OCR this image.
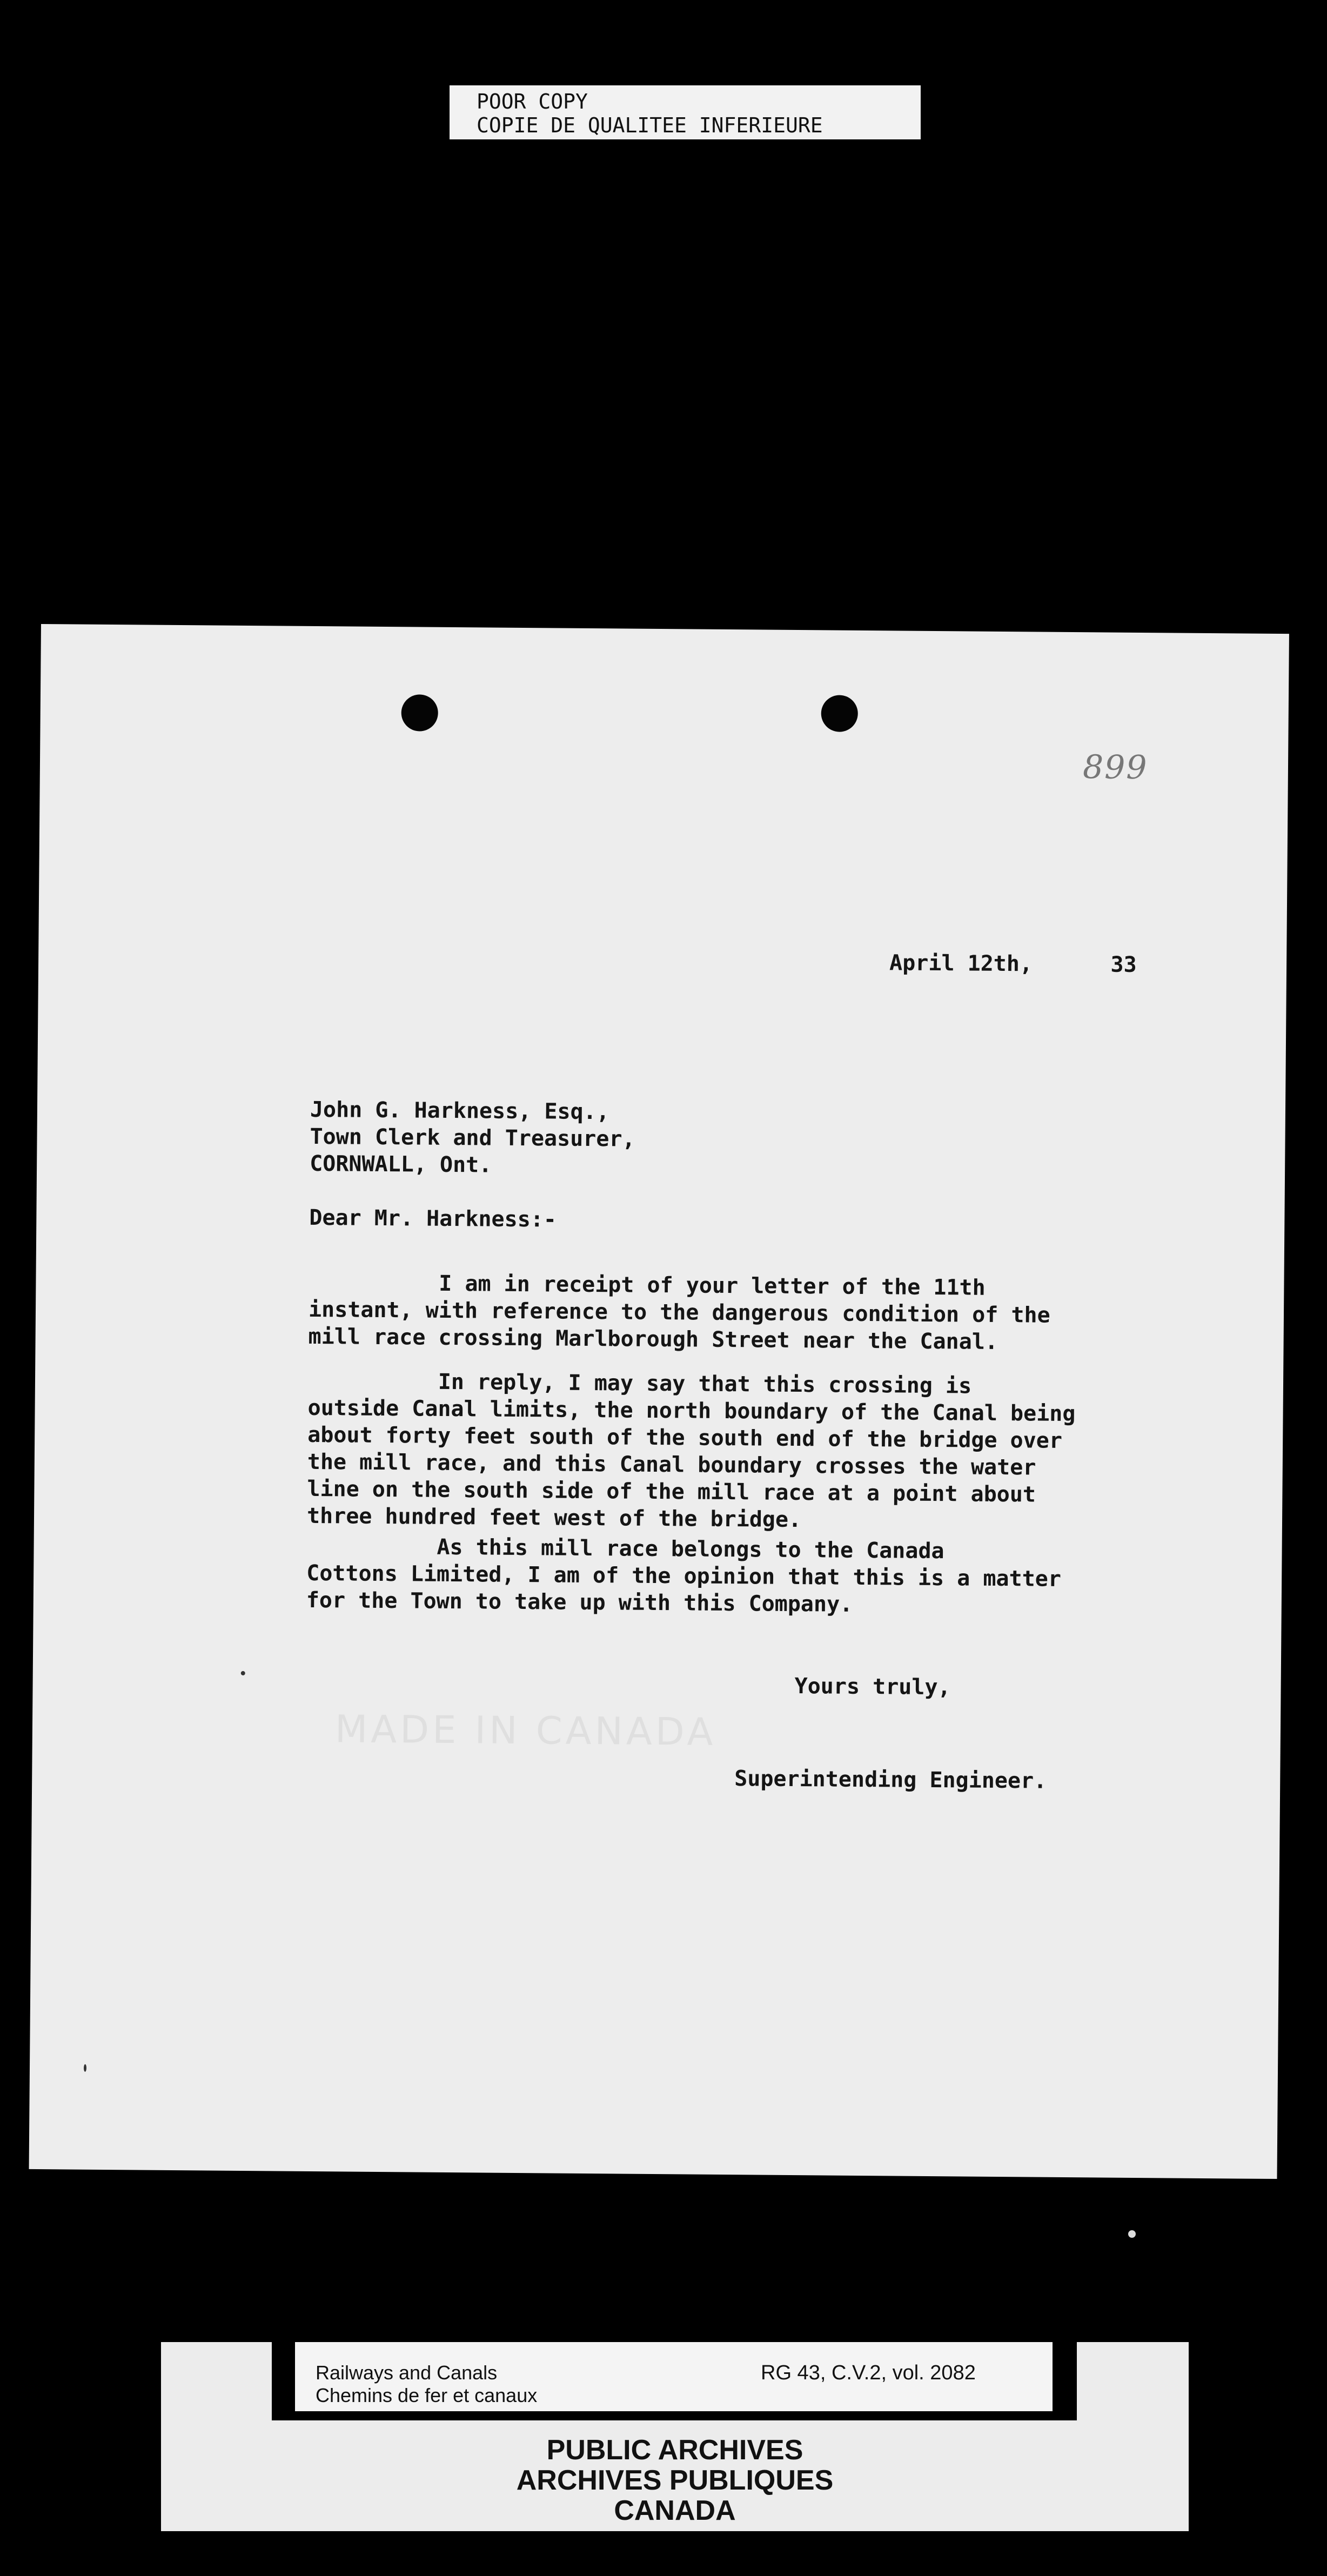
POOR COPY
COPIE DE QUALITEE INFERIEURE
899
April 12th,	33
John G. Harkness, Esq.,
Town Clerk and Treasurer,
CORNWALL, Ont.
Dear Mr. Harkness:-
I am in receipt of your letter of the 11th
instant, with reference to the dangerous condition of the
mill race crossing Marlborough Street near the Canal.
In reply, I may say that this crossing is
outside Canal limits, the north boundary of the Canal being
about forty feet south of the south end of the bridge over
the mill race, and this Canal boundary crosses the water
line on the south side of the mill race at a point about
three hundred feet west of the bridge.
As this mill race belongs to the Canada
Cottons Limited, I am of the opinion that this is a matter
for the Town to take up with this Company.
MADE IN CANADA
Yours truly,
Superintending Engineer.
Railways and Canals
Chemins de fer et canaux
RG 43, C.V.2, vol. 2082
PUBLIC ARCHIVES
ARCHIVES PUBLIQUES
CANADA
